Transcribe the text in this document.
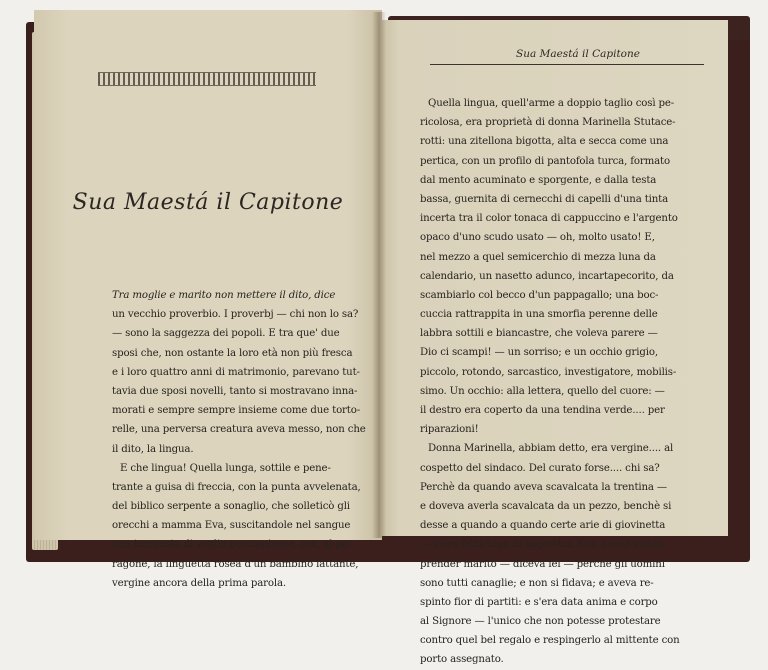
Sua Maestá il Capitone
Sua Maestá il Capitone
Tra moglie e marito non mettere il dito, dice
un vecchio proverbio. I proverbj — chi non lo sa?
— sono la saggezza dei popoli. E tra que' due
sposi che, non ostante la loro età non più fresca
e i loro quattro anni di matrimonio, parevano tut-
tavia due sposi novelli, tanto si mostravano inna-
morati e sempre sempre insieme come due torto-
relle, una perversa creatura aveva messo, non che
il dito, la lingua.
E che lingua! Quella lunga, sottile e pene-
trante a guisa di freccia, con la punta avvelenata,
del biblico serpente a sonaglio, che solleticò gli
orecchi a mamma Eva, suscitandole nel sangue
una tempesta di voglie peccaminose, era, al pa-
ragone, la linguetta rosea d'un bambino lattante,
vergine ancora della prima parola.
Quella lingua, quell'arme a doppio taglio così pe-
ricolosa, era proprietà di donna Marinella Stutace-
rotti: una zitellona bigotta, alta e secca come una
pertica, con un profilo di pantofola turca, formato
dal mento acuminato e sporgente, e dalla testa
bassa, guernita di cernecchi di capelli d'una tinta
incerta tra il color tonaca di cappuccino e l'argento
opaco d'uno scudo usato — oh, molto usato! E,
nel mezzo a quel semicerchio di mezza luna da
calendario, un nasetto adunco, incartapecorito, da
scambiarlo col becco d'un pappagallo; una boc-
cuccia rattrappita in una smorfia perenne delle
labbra sottili e biancastre, che voleva parere —
Dio ci scampi! — un sorriso; e un occhio grigio,
piccolo, rotondo, sarcastico, investigatore, mobilis-
simo. Un occhio: alla lettera, quello del cuore: —
il destro era coperto da una tendina verde.... per
riparazioni!
Donna Marinella, abbiam detto, era vergine.... al
cospetto del sindaco. Del curato forse.... chi sa?
Perchè da quando aveva scavalcata la trentina —
e doveva averla scavalcata da un pezzo, benchè si
desse a quando a quando certe arie di giovinetta
— s'era fatta topo di sagrestia. Non aveva voluto
prender marito — diceva lei — perchè gli uomini
sono tutti canaglie; e non si fidava; e aveva re-
spinto fior di partiti: e s'era data anima e corpo
al Signore — l'unico che non potesse protestare
contro quel bel regalo e respingerlo al mittente con
porto assegnato.
